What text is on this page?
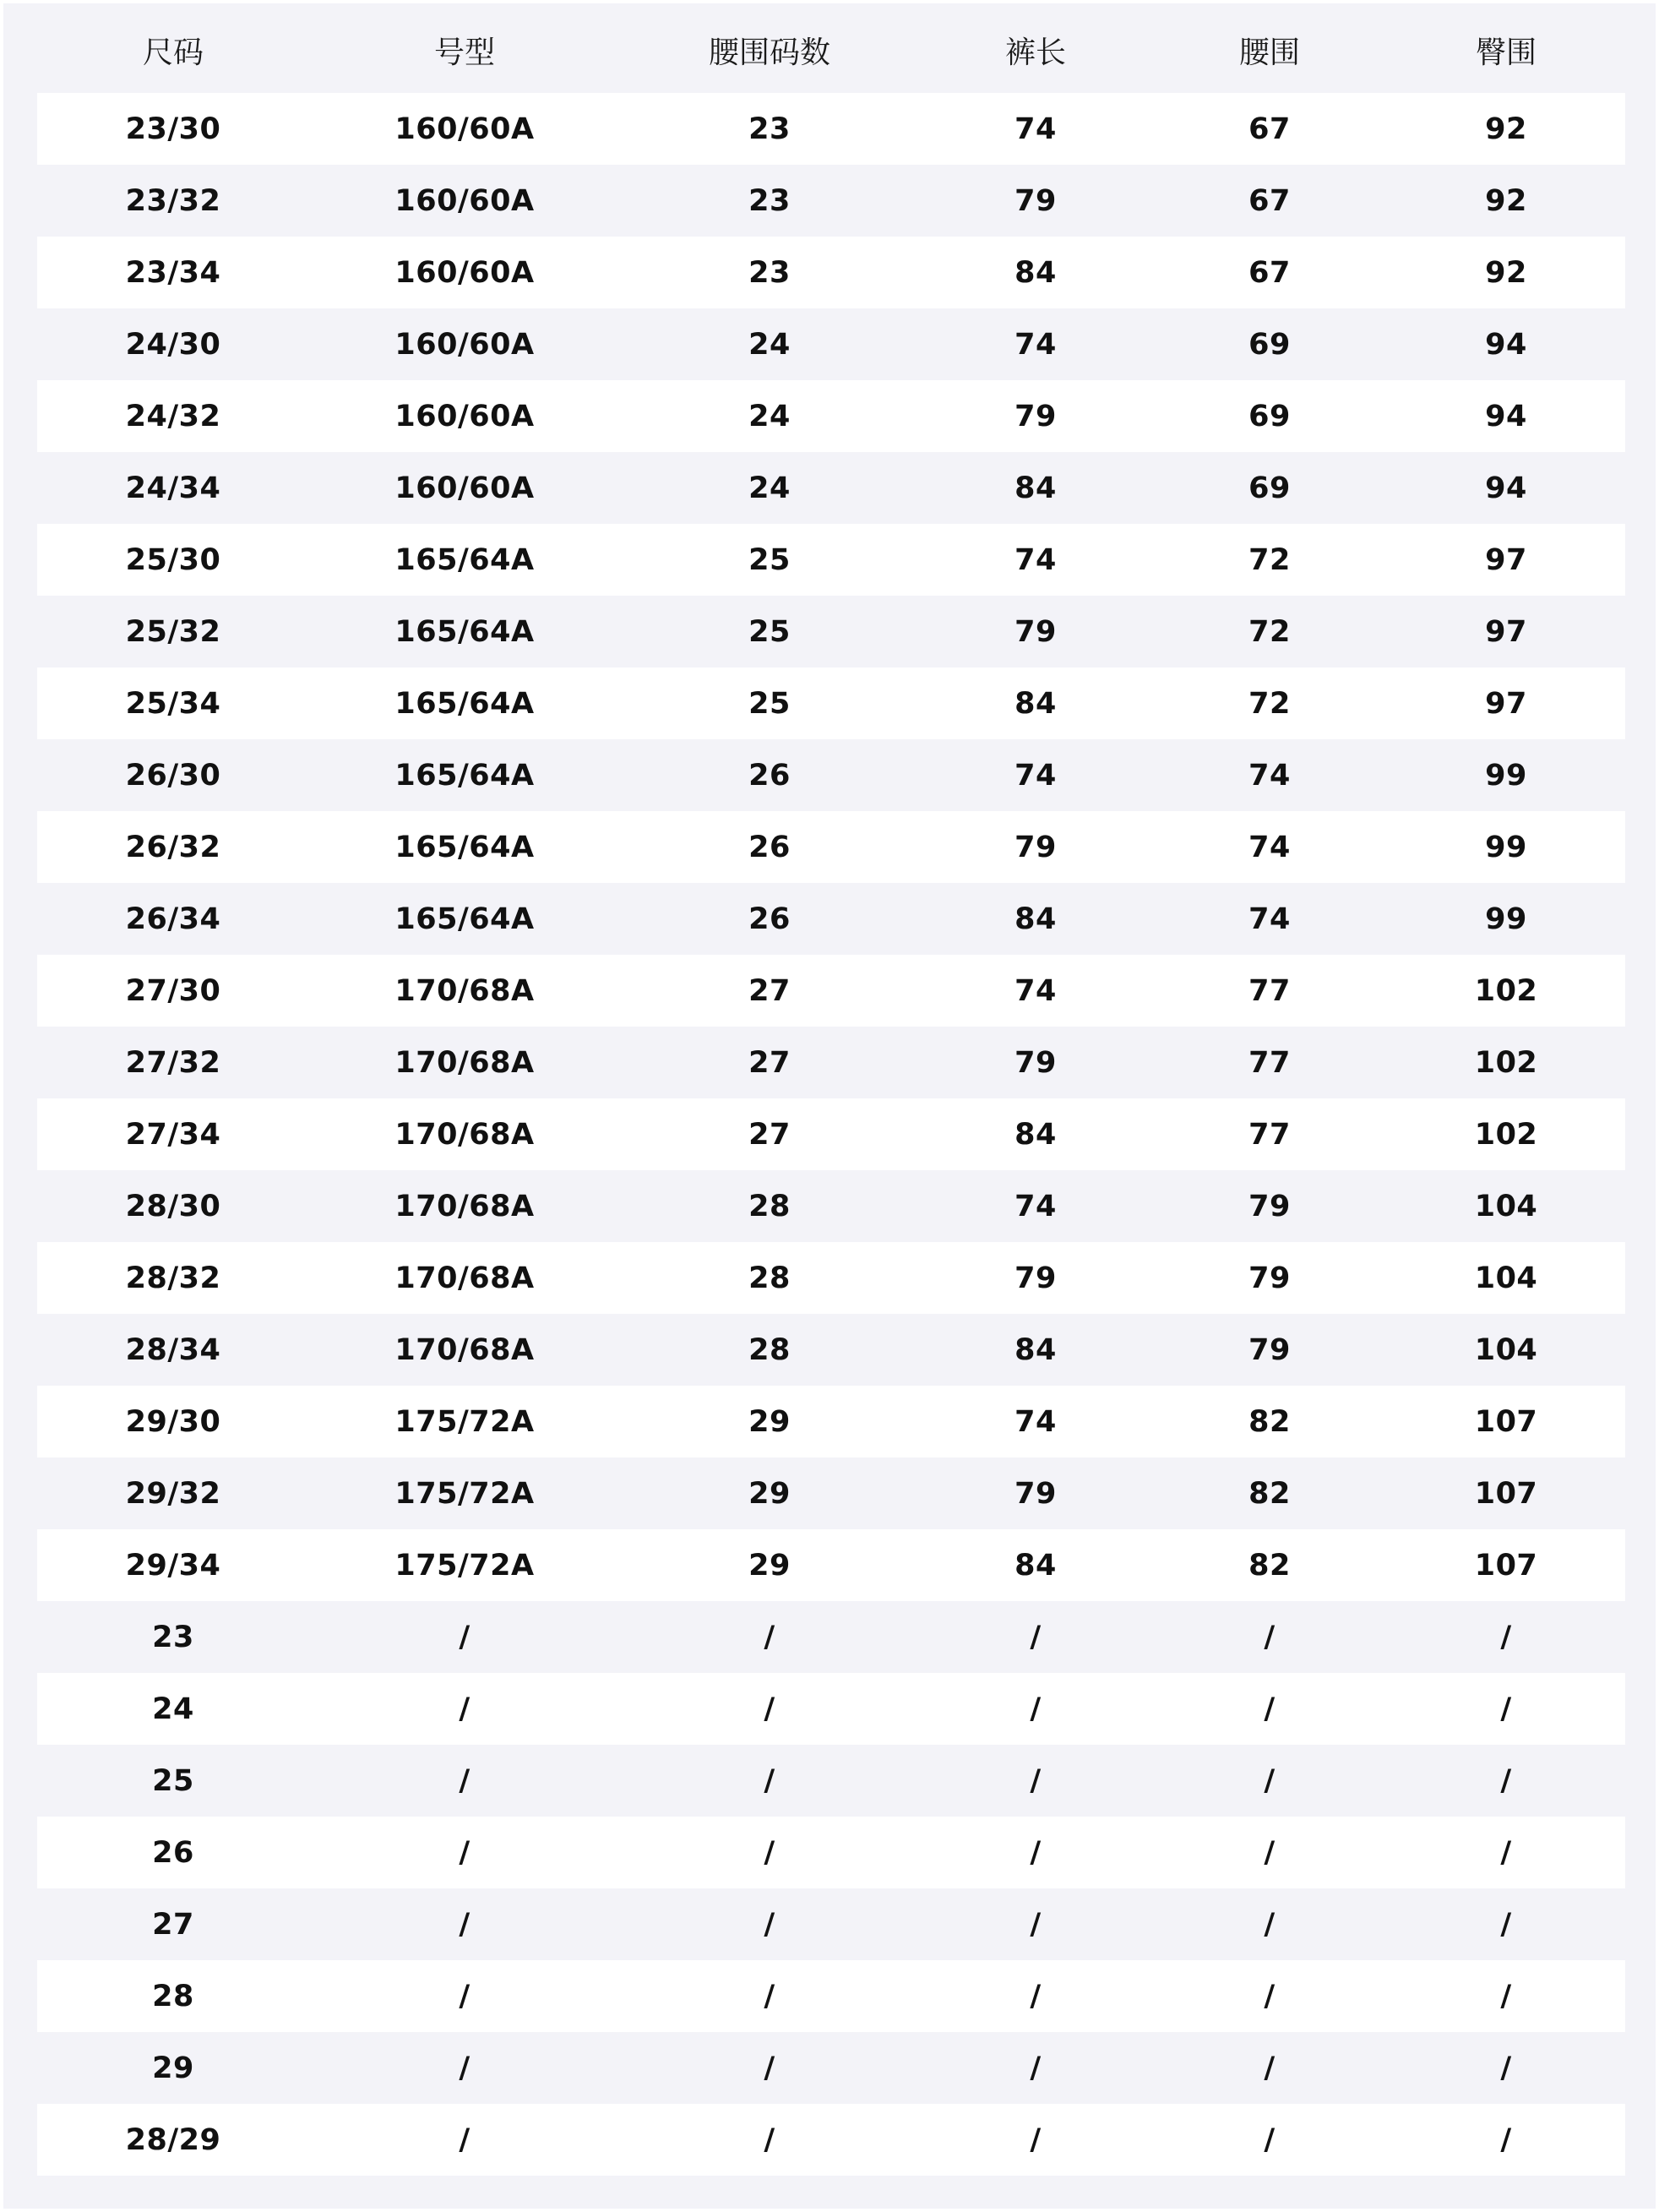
尺码	号型	腰围码数	裤长	腰围	臀围
23/30	160/60A	23	74	67	92
23/32	160/60A	23	79	67	92
23/34	160/60A	23	84	67	92
24/30	160/60A	24	74	69	94
24/32	160/60A	24	79	69	94
24/34	160/60A	24	84	69	94
25/30	165/64A	25	74	72	97
25/32	165/64A	25	79	72	97
25/34	165/64A	25	84	72	97
26/30	165/64A	26	74	74	99
26/32	165/64A	26	79	74	99
26/34	165/64A	26	84	74	99
27/30	170/68A	27	74	77	102
27/32	170/68A	27	79	77	102
27/34	170/68A	27	84	77	102
28/30	170/68A	28	74	79	104
28/32	170/68A	28	79	79	104
28/34	170/68A	28	84	79	104
29/30	175/72A	29	74	82	107
29/32	175/72A	29	79	82	107
29/34	175/72A	29	84	82	107
23	/	/	/	/	/
24	/	/	/	/	/
25	/	/	/	/	/
26	/	/	/	/	/
27	/	/	/	/	/
28	/	/	/	/	/
29	/	/	/	/	/
28/29	/	/	/	/	/
